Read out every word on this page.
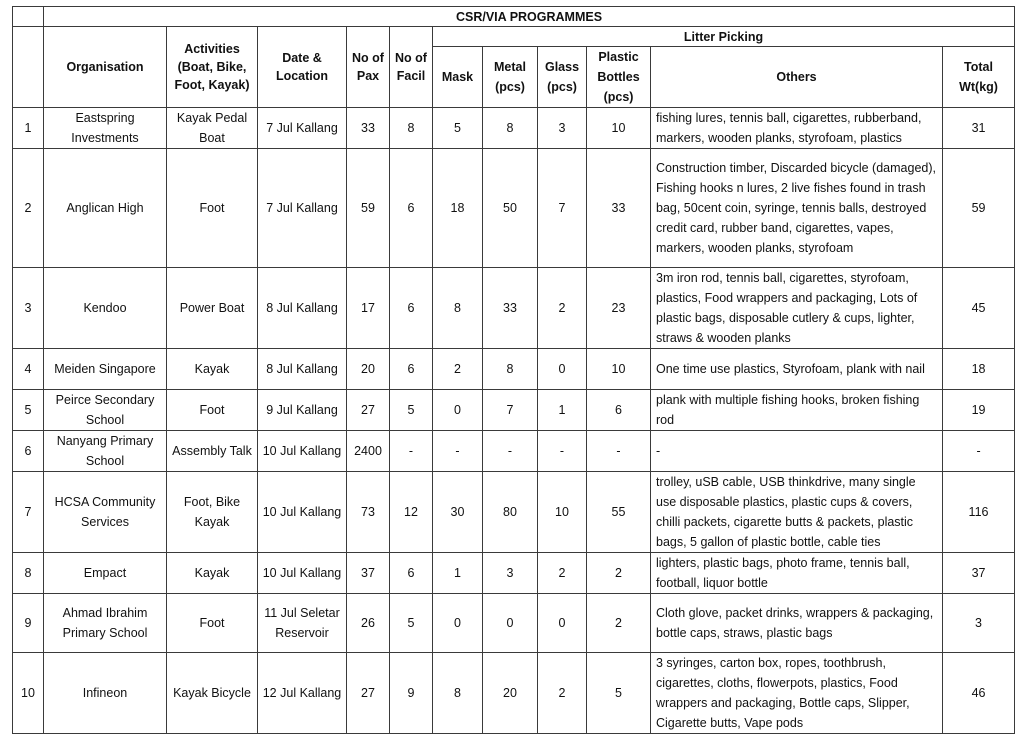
	CSR/VIA PROGRAMMES										
	Organisation	Activities (Boat, Bike, Foot, Kayak)	Date & Location	No of Pax	No of Facil	Litter Picking					
						Mask	Metal (pcs)	Glass (pcs)	Plastic Bottles (pcs)	Others	Total Wt(kg)
1	Eastspring Investments	Kayak Pedal Boat	7 Jul Kallang	33	8	5	8	3	10	fishing lures, tennis ball, cigarettes, rubberband, markers, wooden planks, styrofoam, plastics	31
2	Anglican High	Foot	7 Jul Kallang	59	6	18	50	7	33	Construction timber, Discarded bicycle (damaged), Fishing hooks n lures, 2 live fishes found in trash bag, 50cent coin, syringe, tennis balls, destroyed credit card, rubber band, cigarettes, vapes, markers, wooden planks, styrofoam	59
3	Kendoo	Power Boat	8 Jul Kallang	17	6	8	33	2	23	3m iron rod, tennis ball, cigarettes, styrofoam, plastics, Food wrappers and packaging, Lots of plastic bags, disposable cutlery & cups, lighter, straws & wooden planks	45
4	Meiden Singapore	Kayak	8 Jul Kallang	20	6	2	8	0	10	One time use plastics, Styrofoam, plank with nail	18
5	Peirce Secondary School	Foot	9 Jul Kallang	27	5	0	7	1	6	plank with multiple fishing hooks, broken fishing rod	19
6	Nanyang Primary School	Assembly Talk	10 Jul Kallang	2400	-	-	-	-	-	-	-
7	HCSA Community Services	Foot, Bike Kayak	10 Jul Kallang	73	12	30	80	10	55	trolley, uSB cable, USB thinkdrive, many single use disposable plastics, plastic cups & covers, chilli packets, cigarette butts & packets, plastic bags, 5 gallon of plastic bottle, cable ties	116
8	Empact	Kayak	10 Jul Kallang	37	6	1	3	2	2	lighters, plastic bags, photo frame, tennis ball, football, liquor bottle	37
9	Ahmad Ibrahim Primary School	Foot	11 Jul Seletar Reservoir	26	5	0	0	0	2	Cloth glove, packet drinks, wrappers & packaging, bottle caps, straws, plastic bags	3
10	Infineon	Kayak Bicycle	12 Jul Kallang	27	9	8	20	2	5	3 syringes, carton box, ropes, toothbrush, cigarettes, cloths, flowerpots, plastics, Food wrappers and packaging, Bottle caps, Slipper, Cigarette butts, Vape pods	46
